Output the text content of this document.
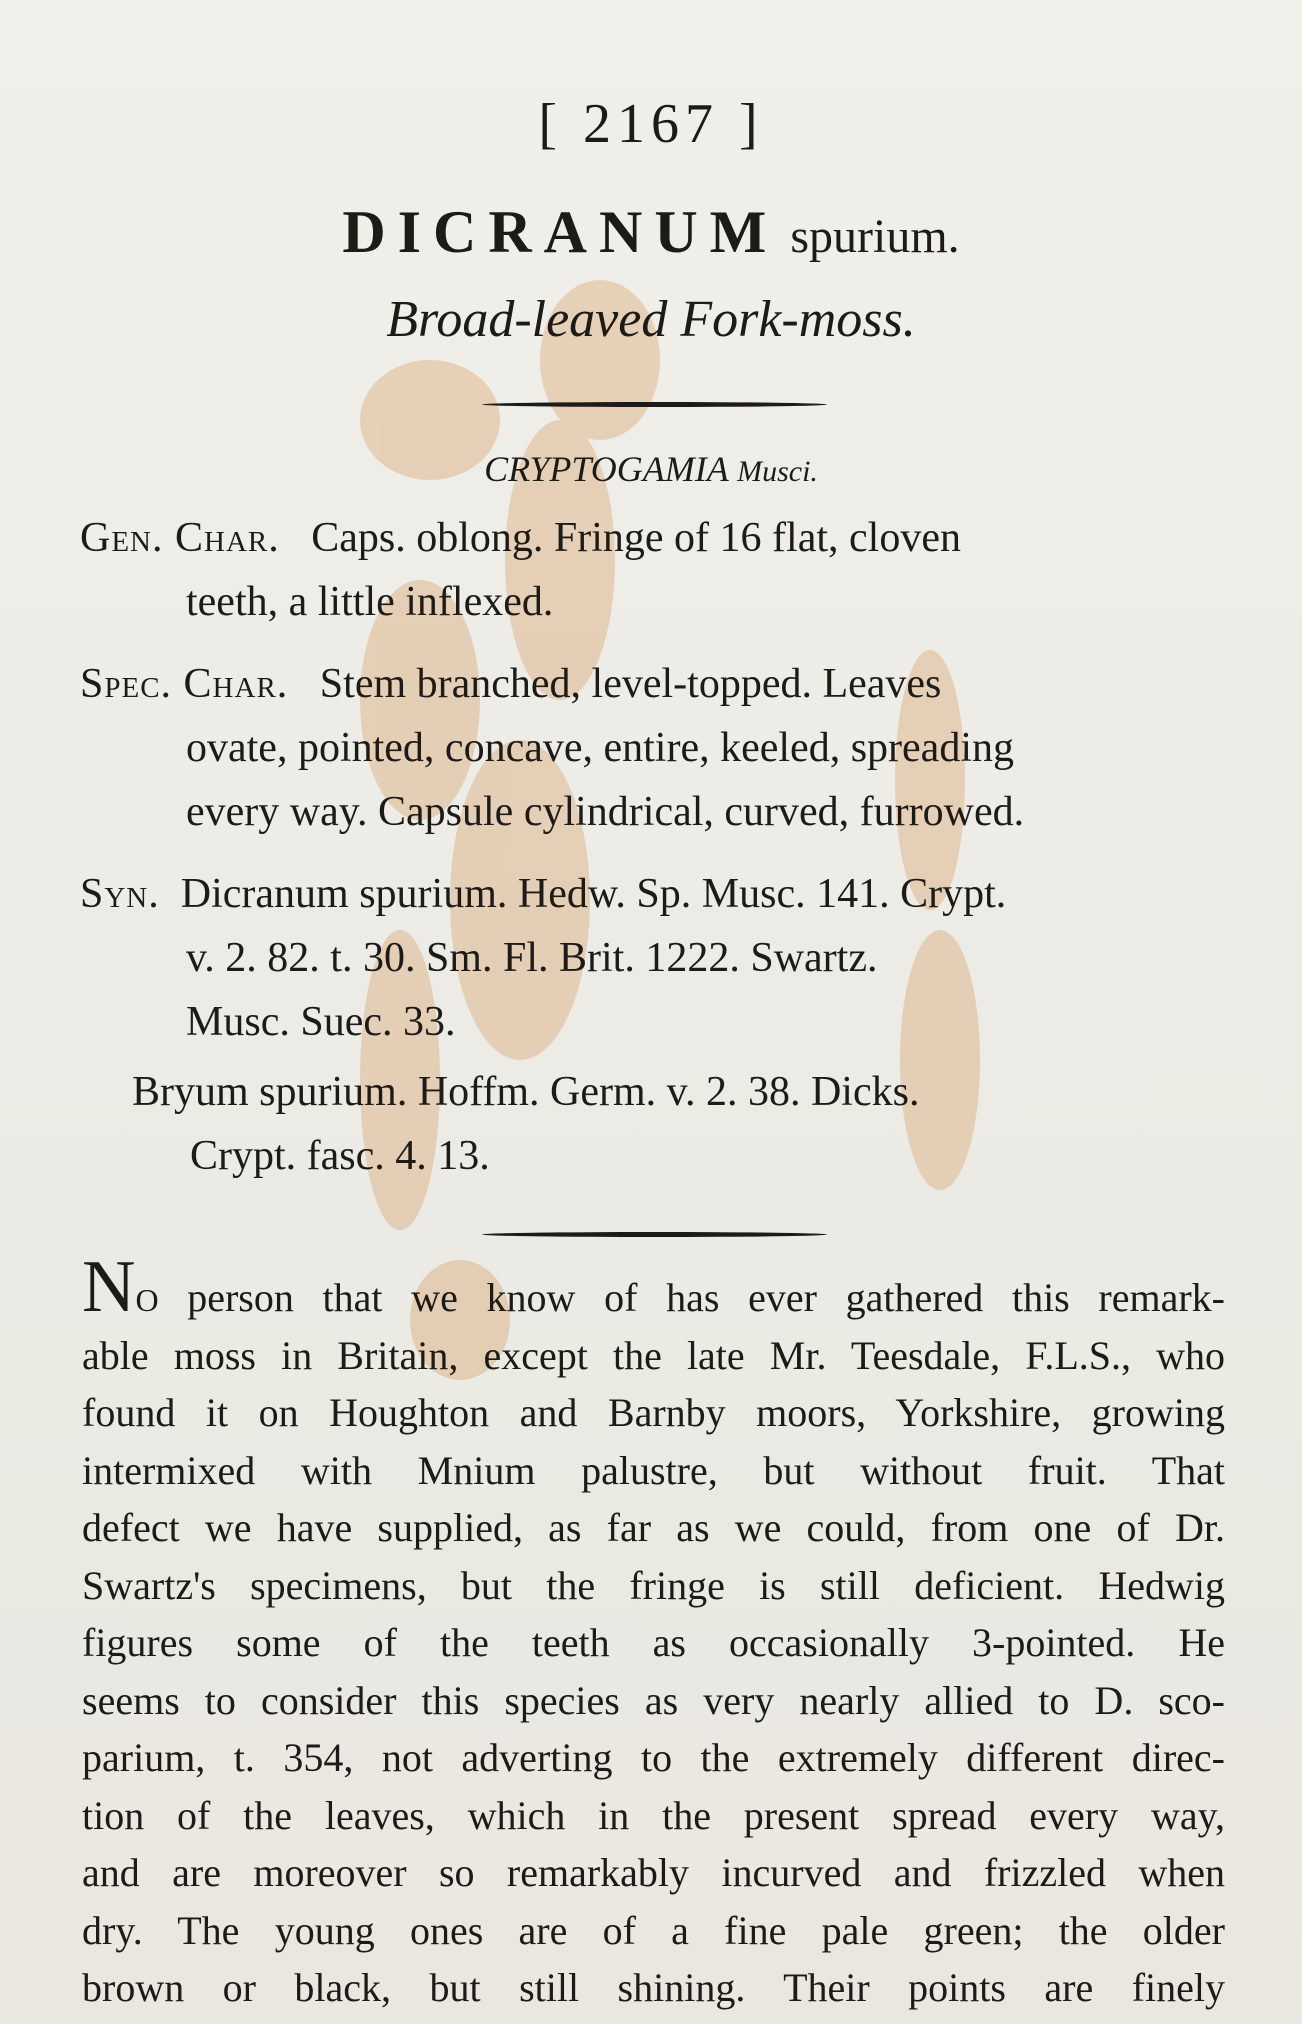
[ 2167 ]
DICRANUM spurium.
Broad-leaved Fork-moss.
CRYPTOGAMIA Musci.
Gen. Char. Caps. oblong. Fringe of 16 flat, cloven
teeth, a little inflexed.
Spec. Char. Stem branched, level-topped. Leaves
ovate, pointed, concave, entire, keeled, spreading
every way. Capsule cylindrical, curved, furrowed.
Syn. Dicranum spurium. Hedw. Sp. Musc. 141. Crypt.
v. 2. 82. t. 30. Sm. Fl. Brit. 1222. Swartz.
Musc. Suec. 33.
Bryum spurium. Hoffm. Germ. v. 2. 38. Dicks.
Crypt. fasc. 4. 13.
No person that we know of has ever gathered this remark-
able moss in Britain, except the late Mr. Teesdale, F.L.S., who
found it on Houghton and Barnby moors, Yorkshire, growing
intermixed with Mnium palustre, but without fruit. That
defect we have supplied, as far as we could, from one of Dr.
Swartz's specimens, but the fringe is still deficient. Hedwig
figures some of the teeth as occasionally 3-pointed. He
seems to consider this species as very nearly allied to D. sco-
parium, t. 354, not adverting to the extremely different direc-
tion of the leaves, which in the present spread every way,
and are moreover so remarkably incurved and frizzled when
dry. The young ones are of a fine pale green; the older
brown or black, but still shining. Their points are finely
